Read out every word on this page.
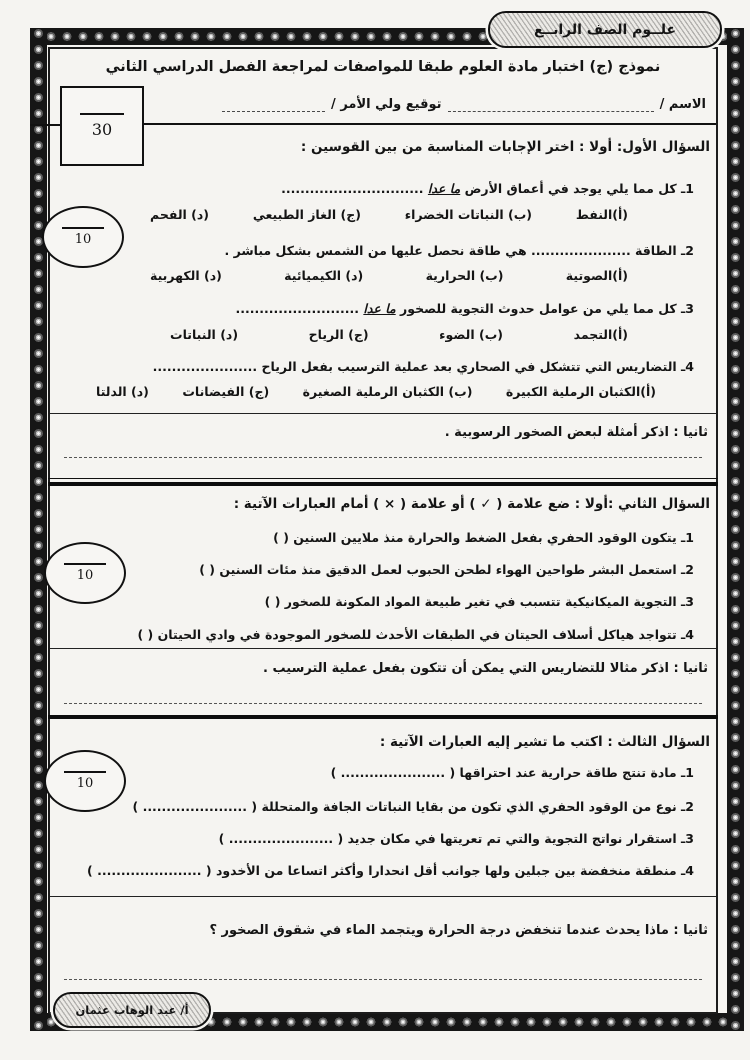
علــوم الصف الرابــع
أ/ عبد الوهاب عثمان
نموذج (ج) اختبار مادة العلوم طبقا للمواصفات لمراجعة الفصل الدراسي الثاني
الاسم /
توقيع ولي الأمر /
30
السؤال الأول: أولا : اختر الإجابات المناسبة من بين القوسين :
1ـ كل مما يلي يوجد في أعماق الأرض ما عدا ..............................
(أ)النفط
(ب) النباتات الخضراء
(ج) الغاز الطبيعي
(د) الفحم
2ـ الطاقة ..................... هي طاقة نحصل عليها من الشمس بشكل مباشر .
(أ)الصوتية
(ب) الحرارية
(د) الكيميائية
(د) الكهربية
3ـ كل مما يلي من عوامل حدوث التجوية للصخور ما عدا ..........................
(أ)التجمد
(ب) الضوء
(ج) الرياح
(د) النباتات
4ـ التضاريس التي تتشكل في الصحاري بعد عملية الترسيب بفعل الرياح ......................
(أ)الكثبان الرملية الكبيرة
(ب) الكثبان الرملية الصغيرة
(ج) الفيضانات
(د) الدلتا
ثانيا : اذكر أمثلة لبعض الصخور الرسوبية .
السؤال الثاني :أولا : ضع علامة ( ✓ ) أو علامة ( × ) أمام العبارات الآتية :
1ـ يتكون الوقود الحفري بفعل الضغط والحرارة منذ ملايين السنين ( )
2ـ استعمل البشر طواحين الهواء لطحن الحبوب لعمل الدقيق منذ مئات السنين ( )
3ـ التجوية الميكانيكية تتسبب في تغير طبيعة المواد المكونة للصخور ( )
4ـ تتواجد هياكل أسلاف الحيتان في الطبقات الأحدث للصخور الموجودة في وادي الحيتان ( )
ثانيا : اذكر مثالا للتضاريس التي يمكن أن تتكون بفعل عملية الترسيب .
السؤال الثالث : اكتب ما تشير إليه العبارات الآتية :
1ـ مادة تنتج طاقة حرارية عند احتراقها ( ...................... )
2ـ نوع من الوقود الحفري الذي تكون من بقايا النباتات الجافة والمتحللة ( ...................... )
3ـ استقرار نواتج التجوية والتي تم تعريتها في مكان جديد ( ...................... )
4ـ منطقة منخفضة بين جبلين ولها جوانب أقل انحدارا وأكثر اتساعا من الأخدود ( ...................... )
ثانيا : ماذا يحدث عندما تنخفض درجة الحرارة ويتجمد الماء في شقوق الصخور ؟
10
10
10
